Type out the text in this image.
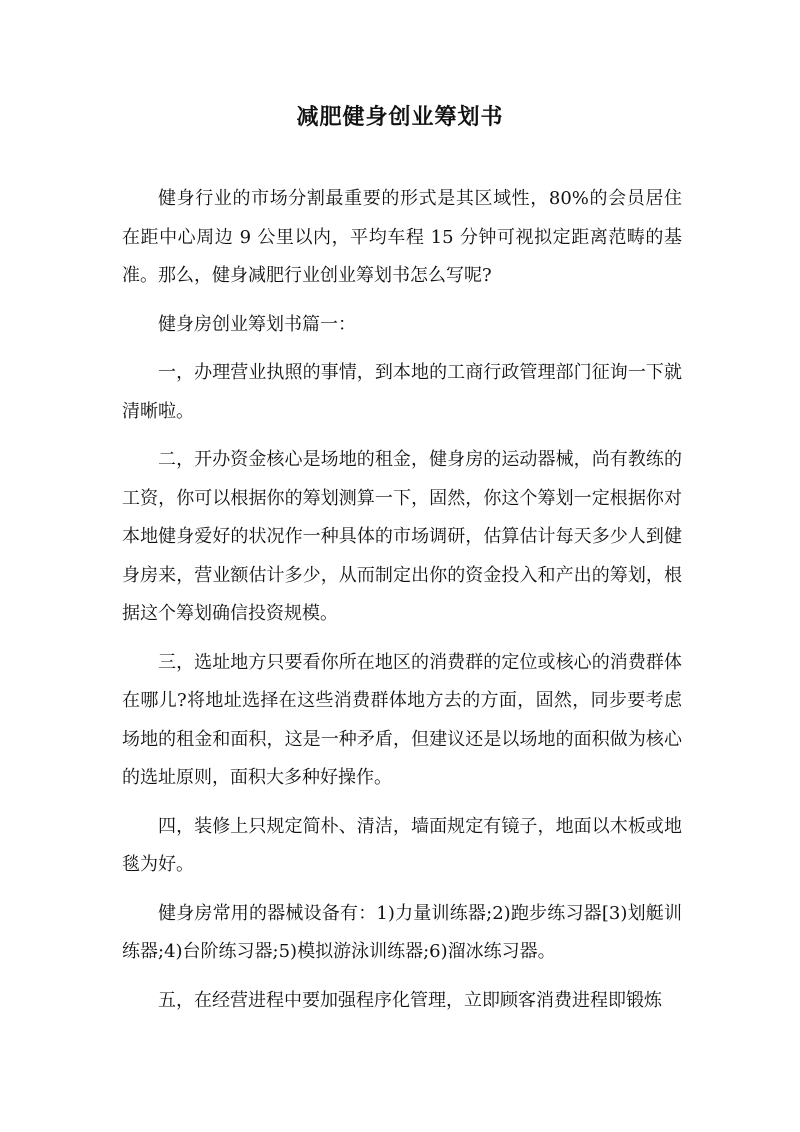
减肥健身创业筹划书

健身行业的市场分割最重要的形式是其区域性，80%的会员居住在距中心周边 9 公里以内，平均车程 15 分钟可视拟定距离范畴的基准。那么，健身减肥行业创业筹划书怎么写呢?

健身房创业筹划书篇一：

一，办理营业执照的事情，到本地的工商行政管理部门征询一下就清晰啦。

二，开办资金核心是场地的租金，健身房的运动器械，尚有教练的工资，你可以根据你的筹划测算一下，固然，你这个筹划一定根据你对本地健身爱好的状况作一种具体的市场调研，估算估计每天多少人到健身房来，营业额估计多少，从而制定出你的资金投入和产出的筹划，根据这个筹划确信投资规模。

三，选址地方只要看你所在地区的消费群的定位或核心的消费群体在哪儿?将地址选择在这些消费群体地方去的方面，固然，同步要考虑场地的租金和面积，这是一种矛盾，但建议还是以场地的面积做为核心的选址原则，面积大多种好操作。

四，装修上只规定简朴、清洁，墙面规定有镜子，地面以木板或地毯为好。

健身房常用的器械设备有：1)力量训练器;2)跑步练习器[3)划艇训练器;4)台阶练习器;5)模拟游泳训练器;6)溜冰练习器。

五，在经营进程中要加强程序化管理，立即顾客消费进程即锻炼
